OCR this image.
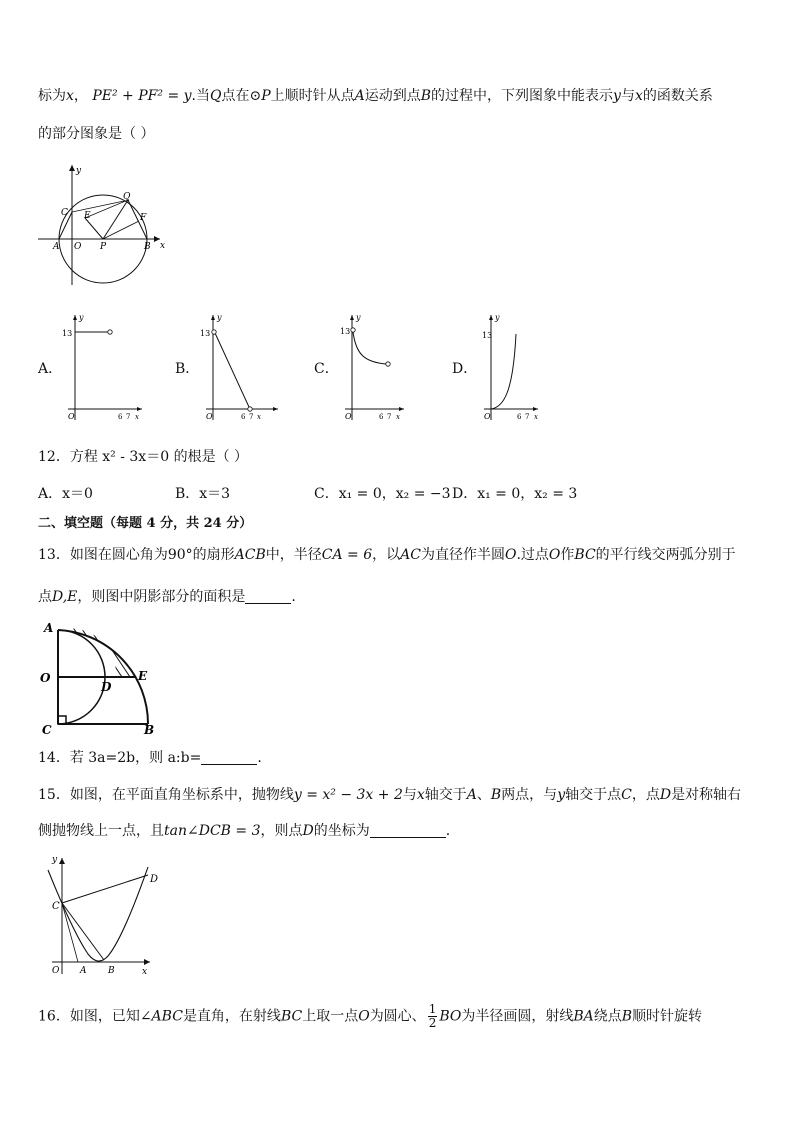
标为x， PE² + PF² = y.当Q点在⊙P上顺时针从点A运动到点B的过程中，下列图象中能表示y与x的函数关系
的部分图象是（ ）
y
x
C E
Q
F
A O P	B
A．
13
y
O	6 7 x
B．
13
y
O	6 7 x
C．
13
y
O	6 7 x
D．
13
y
O	6 7 x
12．方程 x² - 3x＝0 的根是（ ）
A．x＝0	B．x＝3	C．x₁ = 0，x₂ = −3 D．x₁ = 0，x₂ = 3
二、填空题（每题 4 分，共 24 分）
13．如图在圆心角为90°的扇形ACB中，半径CA = 6，以AC为直径作半圆O.过点O作BC的平行线交两弧分别于
点D,E，则图中阴影部分的面积是	.
A
O
C
D
E
B
14．若 3a=2b，则 a:b=	.
15．如图，在平面直角坐标系中，抛物线y = x² − 3x + 2与x轴交于A、B两点，与y轴交于点C，点D是对称轴右
侧抛物线上一点，且tan∠DCB = 3，则点D的坐标为	.
y
x
C
D
O A B
16．如图，已知∠ABC是直角，在射线BC上取一点O为圆心、 $\frac{1}{2}$ BO为半径画圆，射线BA绕点B顺时针旋转
